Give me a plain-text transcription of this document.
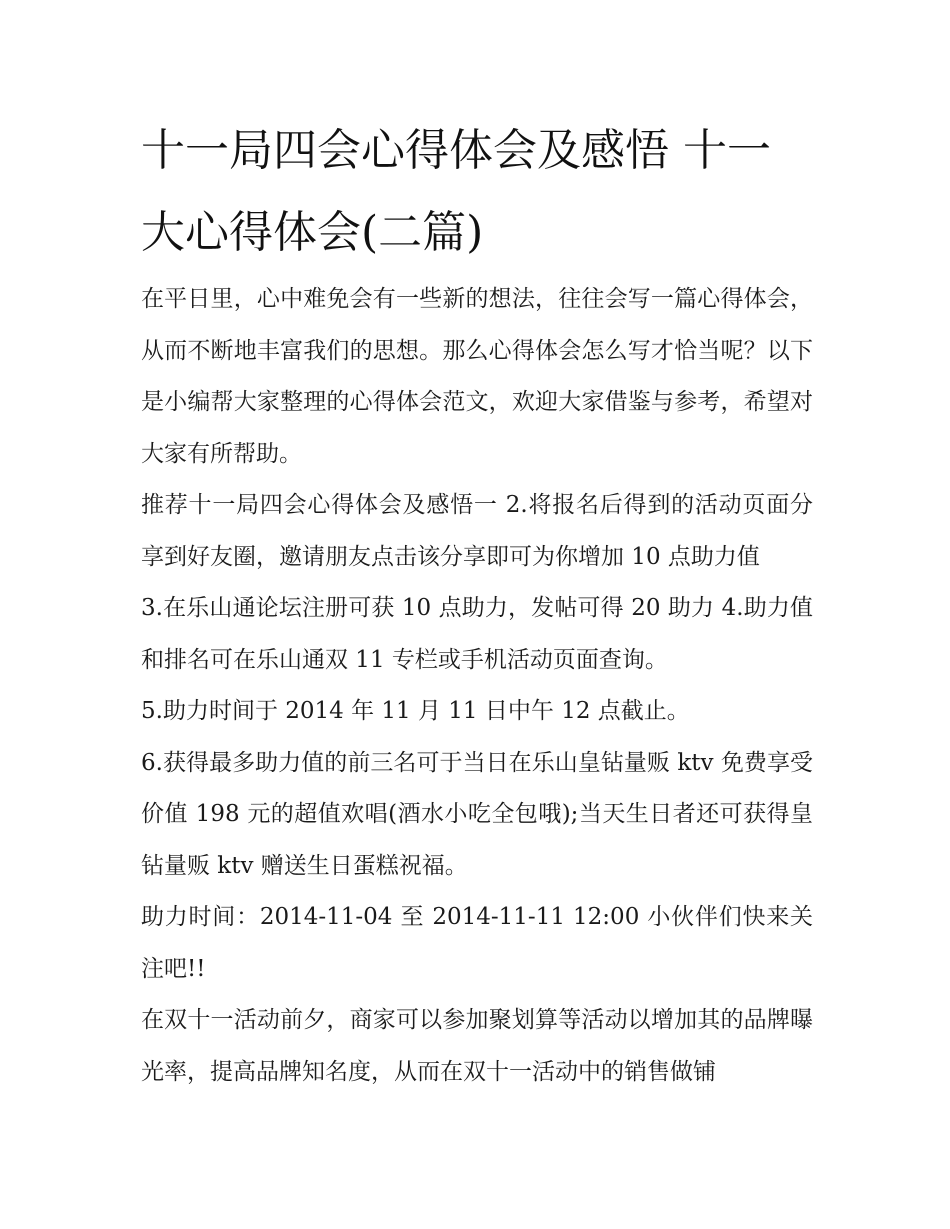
十一局四会心得体会及感悟 十一大心得体会(二篇)

在平日里，心中难免会有一些新的想法，往往会写一篇心得体会，从而不断地丰富我们的思想。那么心得体会怎么写才恰当呢？以下是小编帮大家整理的心得体会范文，欢迎大家借鉴与参考，希望对大家有所帮助。

推荐十一局四会心得体会及感悟一 2.将报名后得到的活动页面分享到好友圈，邀请朋友点击该分享即可为你增加 10 点助力值

3.在乐山通论坛注册可获 10 点助力，发帖可得 20 助力 4.助力值和排名可在乐山通双 11 专栏或手机活动页面查询。

5.助力时间于 2014 年 11 月 11 日中午 12 点截止。

6.获得最多助力值的前三名可于当日在乐山皇钻量贩 ktv 免费享受价值 198 元的超值欢唱(酒水小吃全包哦);当天生日者还可获得皇钻量贩 ktv 赠送生日蛋糕祝福。

助力时间：2014-11-04 至 2014-11-11 12:00 小伙伴们快来关注吧!!

在双十一活动前夕，商家可以参加聚划算等活动以增加其的品牌曝光率，提高品牌知名度，从而在双十一活动中的销售做铺
